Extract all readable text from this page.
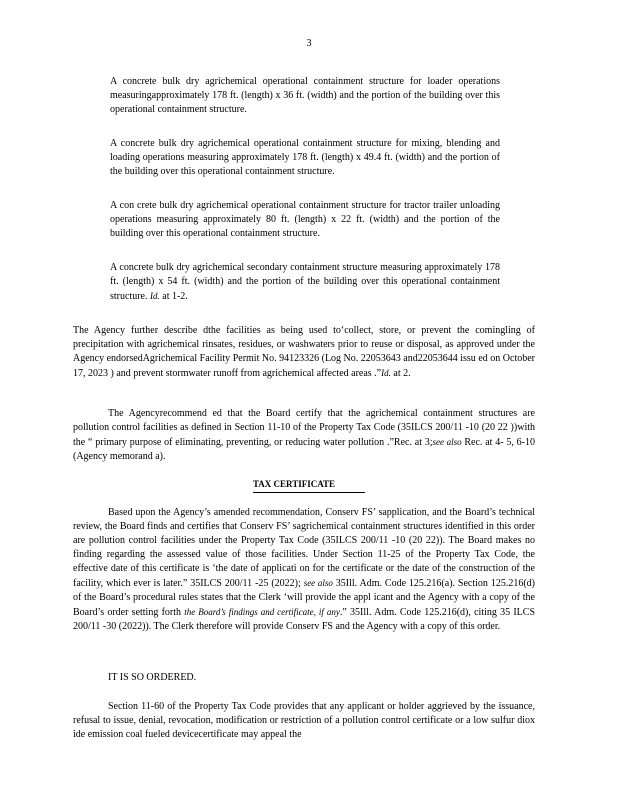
3

A concrete bulk dry agrichemical operational containment structure for loader operations measuringapproximately 178 ft. (length) x 36 ft. (width) and the portion of the building over this operational containment structure.

A concrete bulk dry agrichemical operational containment structure for mixing, blending and loading operations measuring approximately 178 ft. (length) x 49.4 ft. (width) and the portion of the building over this operational containment structure.

A con crete bulk dry agrichemical operational containment structure for tractor trailer unloading operations measuring approximately 80 ft. (length) x 22 ft. (width) and the portion of the building over this operational containment structure.

A concrete bulk dry agrichemical secondary containment structure measuring approximately 178 ft. (length) x 54 ft. (width) and the portion of the building over this operational containment structure. Id. at 1-2.

The Agency further describe dthe facilities as being used to‘collect, store, or prevent the comingling of precipitation with agrichemical rinsates, residues, or washwaters prior to reuse or disposal, as approved under the Agency endorsedAgrichemical Facility Permit No. 94123326 (Log No. 22053643 and22053644 issu ed on October 17, 2023 ) and prevent stormwater runoff from agrichemical affected areas .”Id. at 2.

The Agencyrecommend ed that the Board certify that the agrichemical containment structures are pollution control facilities as defined in Section 11-10 of the Property Tax Code (35ILCS 200/11 -10 (20 22 ))with the “ primary purpose of eliminating, preventing, or reducing water pollution .”Rec. at 3;see also Rec. at 4- 5, 6-10 (Agency memorand a).

TAX CERTIFICATE

Based upon the Agency’s amended recommendation, Conserv FS’ sapplication, and the Board’s technical review, the Board finds and certifies that Conserv FS’ sagrichemical containment structures identified in this order are pollution control facilities under the Property Tax Code (35ILCS 200/11 -10 (20 22)). The Board makes no finding regarding the assessed value of those facilities. Under Section 11-25 of the Property Tax Code, the effective date of this certificate is ‘the date of applicati on for the certificate or the date of the construction of the facility, which ever is later.” 35ILCS 200/11 -25 (2022); see also 35Ill. Adm. Code 125.216(a). Section 125.216(d) of the Board’s procedural rules states that the Clerk ‘will provide the appl icant and the Agency with a copy of the Board’s order setting forth the Board’s findings and certificate, if any.” 35Ill. Adm. Code 125.216(d), citing 35 ILCS 200/11 -30 (2022)). The Clerk therefore will provide Conserv FS and the Agency with a copy of this order.

IT IS SO ORDERED.

Section 11-60 of the Property Tax Code provides that any applicant or holder aggrieved by the issuance, refusal to issue, denial, revocation, modification or restriction of a pollution control certificate or a low sulfur diox ide emission coal fueled devicecertificate may appeal the
